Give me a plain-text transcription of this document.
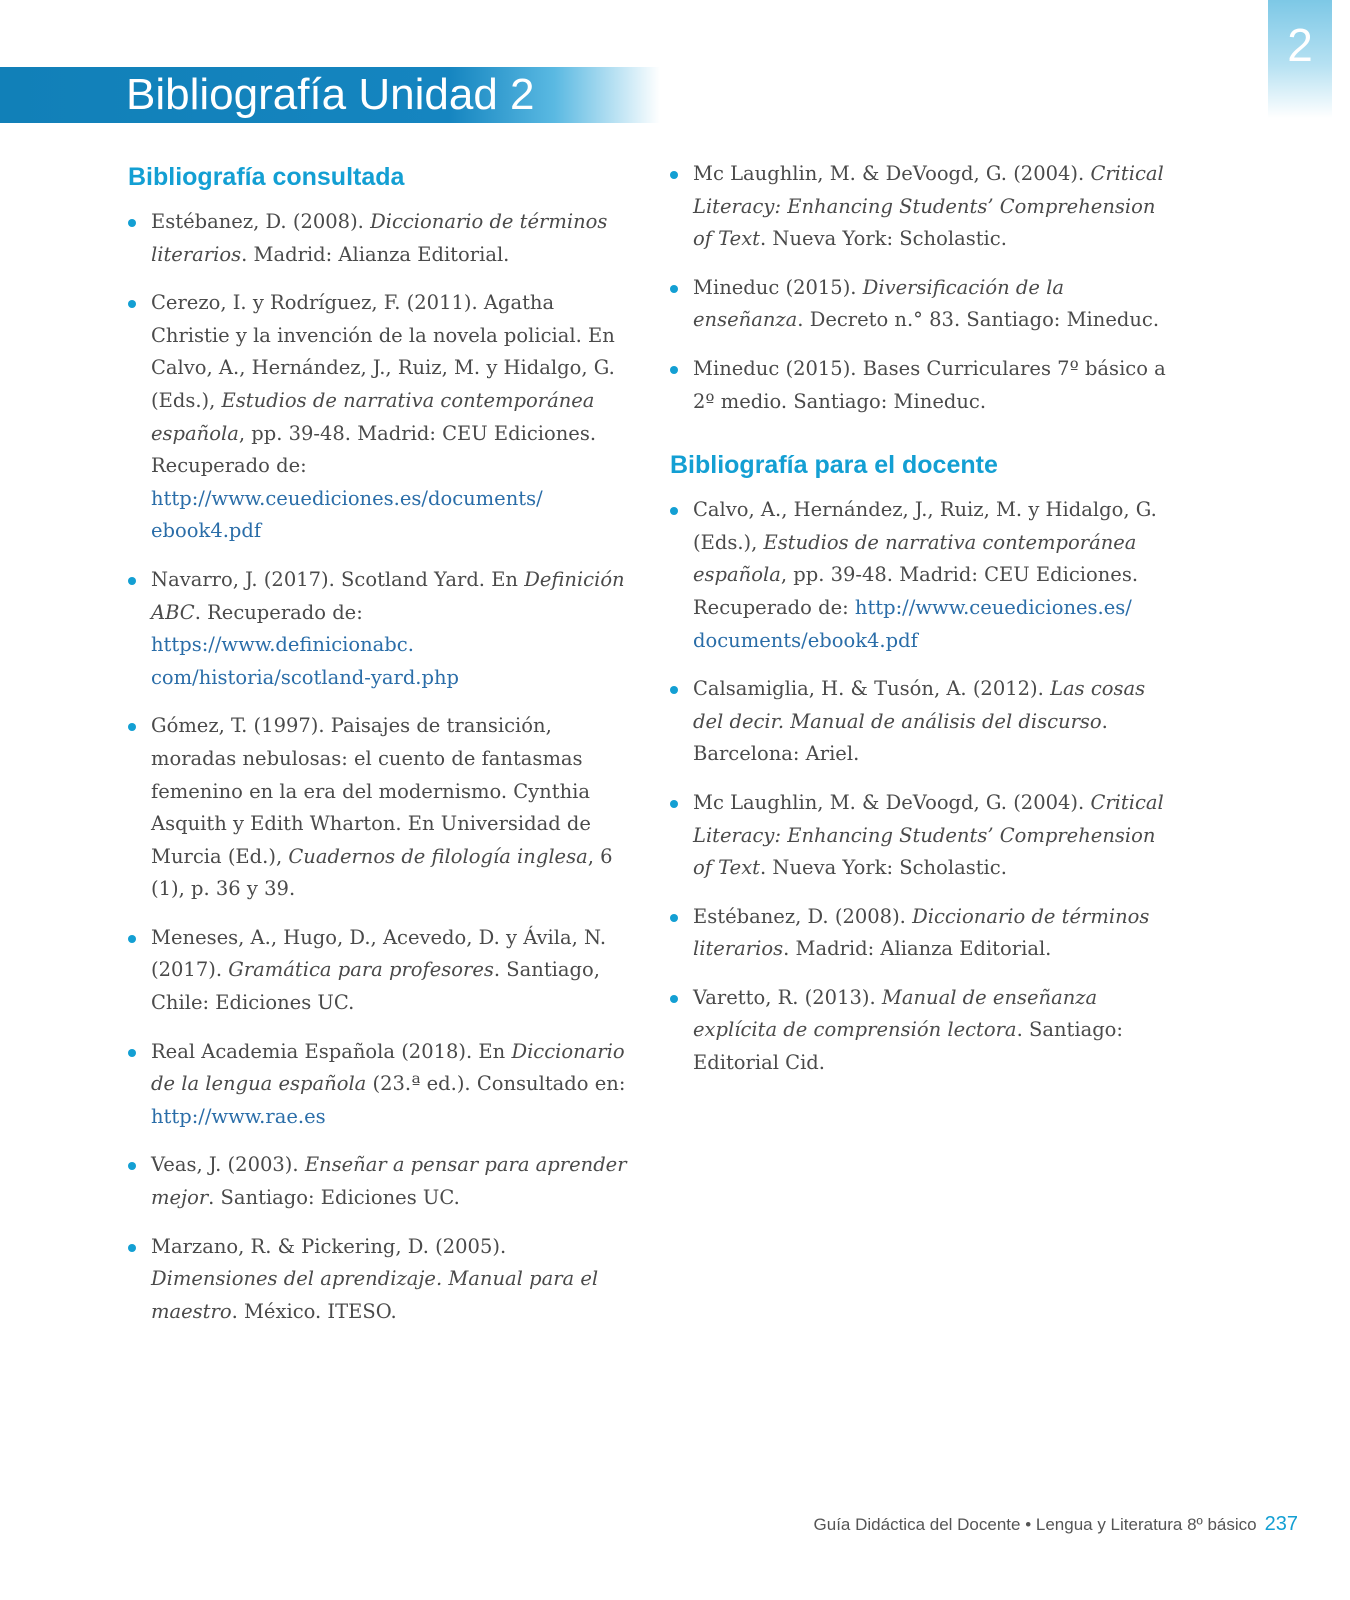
2
Bibliografía Unidad 2
Bibliografía consultada
Estébanez, D. (2008). Diccionario de términos literarios. Madrid: Alianza Editorial.
Cerezo, I. y Rodríguez, F. (2011). Agatha Christie y la invención de la novela policial. En Calvo, A., Hernández, J., Ruiz, M. y Hidalgo, G. (Eds.), Estudios de narrativa contemporánea española, pp. 39-48. Madrid: CEU Ediciones. Recuperado de: http://www.ceuediciones.es/documents/ ebook4.pdf
Navarro, J. (2017). Scotland Yard. En Definición ABC. Recuperado de: https://www.definicionabc. com/historia/scotland-yard.php
Gómez, T. (1997). Paisajes de transición, moradas nebulosas: el cuento de fantasmas femenino en la era del modernismo. Cynthia Asquith y Edith Wharton. En Universidad de Murcia (Ed.), Cuadernos de filología inglesa, 6 (1), p. 36 y 39.
Meneses, A., Hugo, D., Acevedo, D. y Ávila, N. (2017). Gramática para profesores. Santiago, Chile: Ediciones UC.
Real Academia Española (2018). En Diccionario de la lengua española (23.ª ed.). Consultado en: http://www.rae.es
Veas, J. (2003). Enseñar a pensar para aprender mejor. Santiago: Ediciones UC.
Marzano, R. & Pickering, D. (2005). Dimensiones del aprendizaje. Manual para el maestro. México. ITESO.
Mc Laughlin, M. & DeVoogd, G. (2004). Critical Literacy: Enhancing Students’ Comprehension of Text. Nueva York: Scholastic.
Mineduc (2015). Diversificación de la enseñanza. Decreto n.° 83. Santiago: Mineduc.
Mineduc (2015). Bases Curriculares 7º básico a 2º medio. Santiago: Mineduc.
Bibliografía para el docente
Calvo, A., Hernández, J., Ruiz, M. y Hidalgo, G. (Eds.), Estudios de narrativa contemporánea española, pp. 39-48. Madrid: CEU Ediciones. Recuperado de: http://www.ceuediciones.es/ documents/ebook4.pdf
Calsamiglia, H. & Tusón, A. (2012). Las cosas del decir. Manual de análisis del discurso. Barcelona: Ariel.
Mc Laughlin, M. & DeVoogd, G. (2004). Critical Literacy: Enhancing Students’ Comprehension of Text. Nueva York: Scholastic.
Estébanez, D. (2008). Diccionario de términos literarios. Madrid: Alianza Editorial.
Varetto, R. (2013). Manual de enseñanza explícita de comprensión lectora. Santiago: Editorial Cid.
Guía Didáctica del Docente • Lengua y Literatura 8º básico 237
